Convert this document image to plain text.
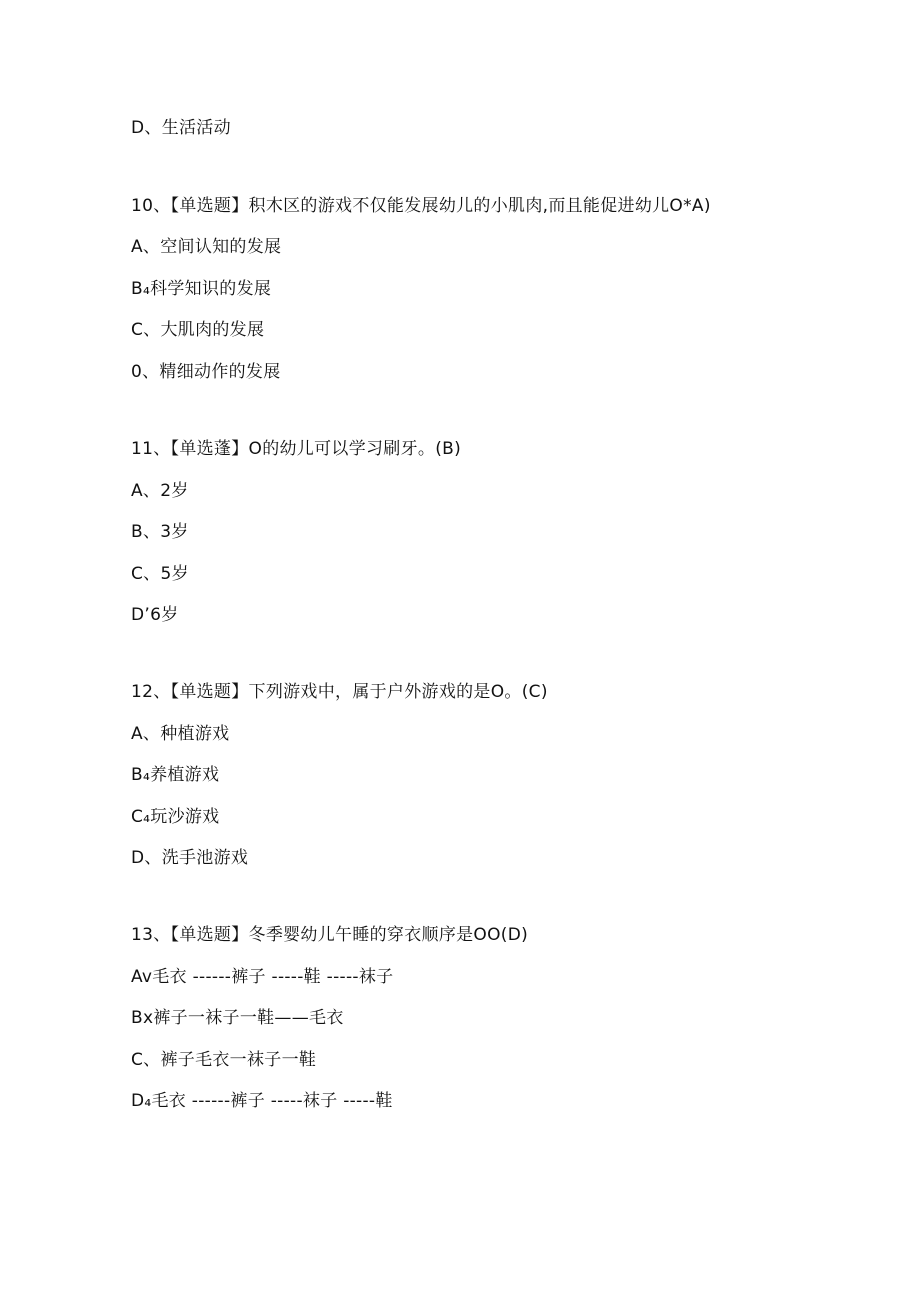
D、生活活动
10、【单选题】积木区的游戏不仅能发展幼儿的小肌肉,而且能促进幼儿O*A)
A、空间认知的发展
B₄科学知识的发展
C、大肌肉的发展
0、精细动作的发展
11、【单选蓬】O的幼儿可以学习刷牙。(B)
A、2岁
B、3岁
C、5岁
D’6岁
12、【单选题】下列游戏中，属于户外游戏的是O。(C)
A、种植游戏
B₄养植游戏
C₄玩沙游戏
D、洗手池游戏
13、【单选题】冬季婴幼儿午睡的穿衣顺序是OO(D)
Av毛衣 ------裤子 -----鞋 -----袜子
Bx裤子一袜子一鞋——毛衣
C、裤子毛衣一袜子一鞋
D₄毛衣 ------裤子 -----袜子 -----鞋
